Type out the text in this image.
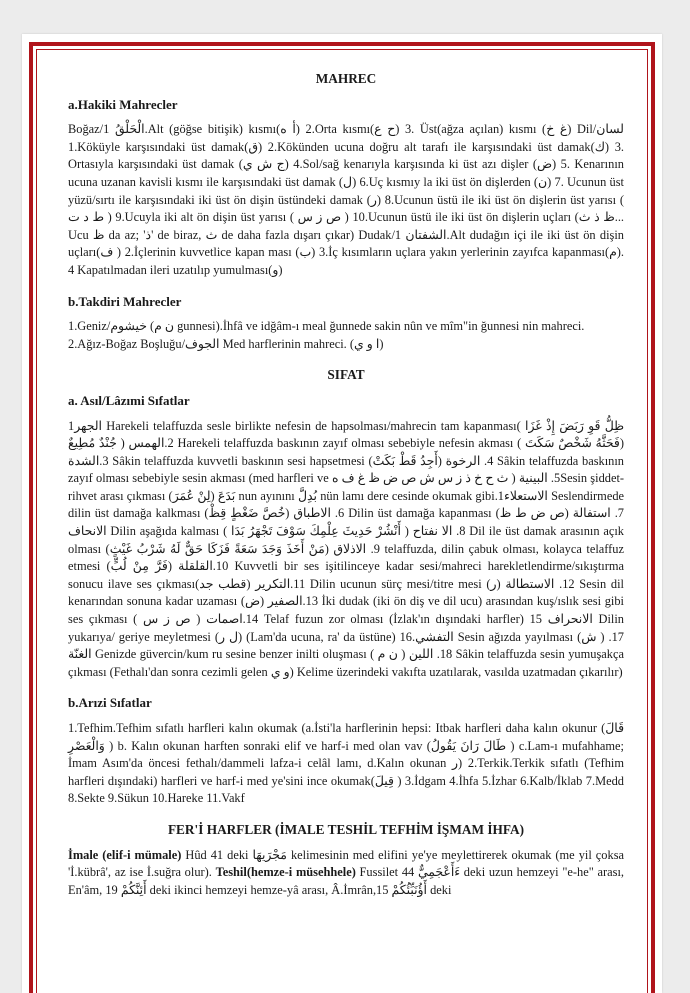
MAHREC
a.Hakiki Mahrecler

Boğaz/الْحَلْقُ 1.Alt (göğse bitişik) kısmı(أ ه) 2.Orta kısmı(ح ع) 3. Üst(ağza açılan) kısmı (غ خ) Dil/لسان 1.Köküyle karşısındaki üst damak(ق) 2.Kökünden ucuna doğru alt tarafı ile karşısındaki üst damak(ك) 3. Ortasıyla karşısındaki üst damak (ج ش ي) 4.Sol/sağ kenarıyla karşısında ki üst azı dişler (ض) 5. Kenarının ucuna uzanan kavisli kısmı ile karşısındaki üst damak (ل) 6.Uç kısmıy la iki üst ön dişlerden (ن) 7. Ucunun üst yüzü/sırtı ile karşısındaki iki üst ön dişin üstündeki damak (ر) 8.Ucunun üstü ile iki üst ön dişlerin üst yarısı ( ط د ت ) 9.Ucuyla iki alt ön dişin üst yarısı ( ص ز س ) 10.Ucunun üstü ile iki üst ön dişlerin uçları (ظ ذ ث... Ucu ظ da az; 'ذ' de biraz, ث de daha fazla dışarı çıkar) Dudak/الشفتان 1.Alt dudağın içi ile iki üst ön dişin uçları(ف ) 2.İçlerinin kuvvetlice kapan ması (ب) 3.İç kısımların uçlara yakın yerlerinin zayıfca kapanması(م). 4 Kapatılmadan ileri uzatılıp yumulması(و)

b.Takdiri Mahrecler

1.Geniz/خيشوم (ن م gunnesi).İhfâ ve idğâm-ı meal ğunnede sakin nûn ve mîm"in ğunnesi nin mahreci.

2.Ağız-Boğaz Boşluğu/الجوف Med harflerinin mahreci. (ا و ي)

SIFAT
a. Asıl/Lâzımi Sıfatlar

1الجهر Harekeli telaffuzda sesle birlikte nefesin de hapsolması/mahrecin tam kapanması( ظِلُّ قَوِ رَبَضَ إِذْ غَزَا جُنْدٌ مُطِيعٌ ) 2.الهمس Harekeli telaffuzda baskının zayıf olması sebebiyle nefesin akması ( فَحَثَّهُ شَخْصٌ سَكَتَ) 3.الشدة Sâkin telaffuzda kuvvetli baskının sesi hapsetmesi (أَجِدُ قَطْ بَكَتْ) 4. الرخوة Sâkin telaffuzda baskının zayıf olması sebebiyle sesin akması (med harfleri ve ث ح خ ذ ز س ش ص ض ظ غ ف ه ) 5. البينيةSesin şiddet-rihvet arası çıkması (لِنْ عُمَرَ) بَدَعَ nun ayınını بُدِلَّ nün lamı dere cesinde okumak gibi.1الاستعلاء Seslendirmede dilin üst damağa kalkması (خُصَّ ضَغْطٍ قِظْ) 6. الاطباق Dilin üst damağa kapanması (ص ض ط ظ) 7. استفالة الانحاف Dilin aşağıda kalması ( أَنْشُرْ حَدِيثَ عِلْمِكَ سَوْفَ تَجْهَرُ بَدَا ) 8. الا نفتاح Dil ile üst damak arasının açık olması (مَنْ أَخَذَ وَجَدَ سَعَةً فَزَكَا حَقٌّ لَهُ شَرْبُ غَيْثٍ) 9. الاذلاق telaffuzda, dilin çabuk olması, kolayca telaffuz etmesi (فَرَّ مِنْ لُبٍّ) 10.القلقلة Kuvvetli bir ses işitilinceye kadar sesi/mahreci harekletlendirme/sıkıştırma sonucu ilave ses çıkması(قطب جد) 11.التكرير Dilin ucunun sürç mesi/titre mesi (ر) 12. الاستطالة Sesin dil kenarından sonuna kadar uzaması (ض) 13.الصفير İki dudak (iki ön diş ve dil ucu) arasından kuş/ıslık sesi gibi ses çıkması ( ص ز س ) 14.اصمات Telaf fuzun zor olması (İzlak'ın dışındaki harfler) 15 الانحراف Dilin yukarıya/ geriye meyletmesi (ل ر) (Lam'da ucuna, ra' da üstüne) 16.التفشي Sesin ağızda yayılması (ش ) 17. الغنّة Genizde güvercin/kum ru sesine benzer inilti oluşması ( ن م ) 18. اللين Sâkin telaffuzda sesin yumuşakça çıkması (Fethalı'dan sonra cezimli gelen و ي) Kelime üzerindeki vakıfta uzatılarak, vasılda uzatmadan çıkarılır)

b.Arızi Sıfatlar

1.Tefhim.Tefhim sıfatlı harfleri kalın okumak (a.İsti'la harflerinin hepsi: Itbak harfleri daha kalın okunur (قَالَ وَالْعَصْرِ ) b. Kalın okunan harften sonraki elif ve harf-i med olan vav (طَالَ رَانَ يَقُولُ ) c.Lam-ı mufahhame; İmam Asım'da öncesi fethalı/dammeli lafza-i celâl lamı, d.Kalın okunan ر) 2.Terkik.Terkik sıfatlı (Tefhim harfleri dışındaki) harfleri ve harf-i med ye'sini ince okumak(قِيلَ ) 3.İdgam 4.İhfa 5.İzhar 6.Kalb/İklab 7.Medd 8.Sekte 9.Sükun 10.Hareke 11.Vakf

FER'İ HARFLER (İMALE TESHİL TEFHİM İŞMAM İHFA)

İmale (elif-i mümale) Hûd 41 deki مَجْرَيهَا kelimesinin med elifini ye'ye meylettirerek okumak (me yil çoksa 'İ.kübrâ', az ise İ.suğra olur). Teshil(hemze-i müsehhele) Fussilet 44 ءَأَعْجَمِيٌّ deki uzun hemzeyi "e-he" arası, En'âm, 19 أَئِنَّكُمْ deki ikinci hemzeyi hemze-yâ arası, Â.İmrân,15 أَؤُنَبِّئُكُمْ deki
